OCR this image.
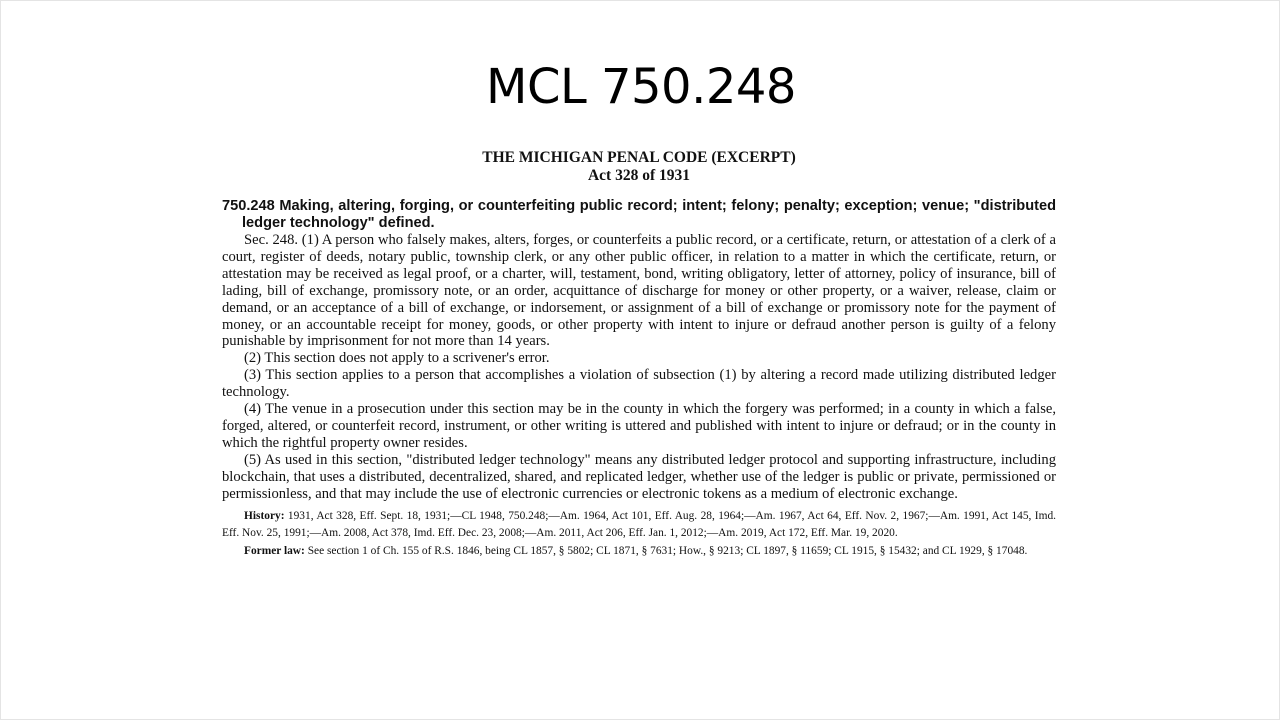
MCL 750.248
THE MICHIGAN PENAL CODE (EXCERPT)
Act 328 of 1931
750.248 Making, altering, forging, or counterfeiting public record; intent; felony; penalty; exception; venue; "distributed ledger technology" defined.

Sec. 248. (1) A person who falsely makes, alters, forges, or counterfeits a public record, or a certificate, return, or attestation of a clerk of a court, register of deeds, notary public, township clerk, or any other public officer, in relation to a matter in which the certificate, return, or attestation may be received as legal proof, or a charter, will, testament, bond, writing obligatory, letter of attorney, policy of insurance, bill of lading, bill of exchange, promissory note, or an order, acquittance of discharge for money or other property, or a waiver, release, claim or demand, or an acceptance of a bill of exchange, or indorsement, or assignment of a bill of exchange or promissory note for the payment of money, or an accountable receipt for money, goods, or other property with intent to injure or defraud another person is guilty of a felony punishable by imprisonment for not more than 14 years.

(2) This section does not apply to a scrivener's error.

(3) This section applies to a person that accomplishes a violation of subsection (1) by altering a record made utilizing distributed ledger technology.

(4) The venue in a prosecution under this section may be in the county in which the forgery was performed; in a county in which a false, forged, altered, or counterfeit record, instrument, or other writing is uttered and published with intent to injure or defraud; or in the county in which the rightful property owner resides.

(5) As used in this section, "distributed ledger technology" means any distributed ledger protocol and supporting infrastructure, including blockchain, that uses a distributed, decentralized, shared, and replicated ledger, whether use of the ledger is public or private, permissioned or permissionless, and that may include the use of electronic currencies or electronic tokens as a medium of electronic exchange.

History: 1931, Act 328, Eff. Sept. 18, 1931;—CL 1948, 750.248;—Am. 1964, Act 101, Eff. Aug. 28, 1964;—Am. 1967, Act 64, Eff. Nov. 2, 1967;—Am. 1991, Act 145, Imd. Eff. Nov. 25, 1991;—Am. 2008, Act 378, Imd. Eff. Dec. 23, 2008;—Am. 2011, Act 206, Eff. Jan. 1, 2012;—Am. 2019, Act 172, Eff. Mar. 19, 2020.

Former law: See section 1 of Ch. 155 of R.S. 1846, being CL 1857, § 5802; CL 1871, § 7631; How., § 9213; CL 1897, § 11659; CL 1915, § 15432; and CL 1929, § 17048.
